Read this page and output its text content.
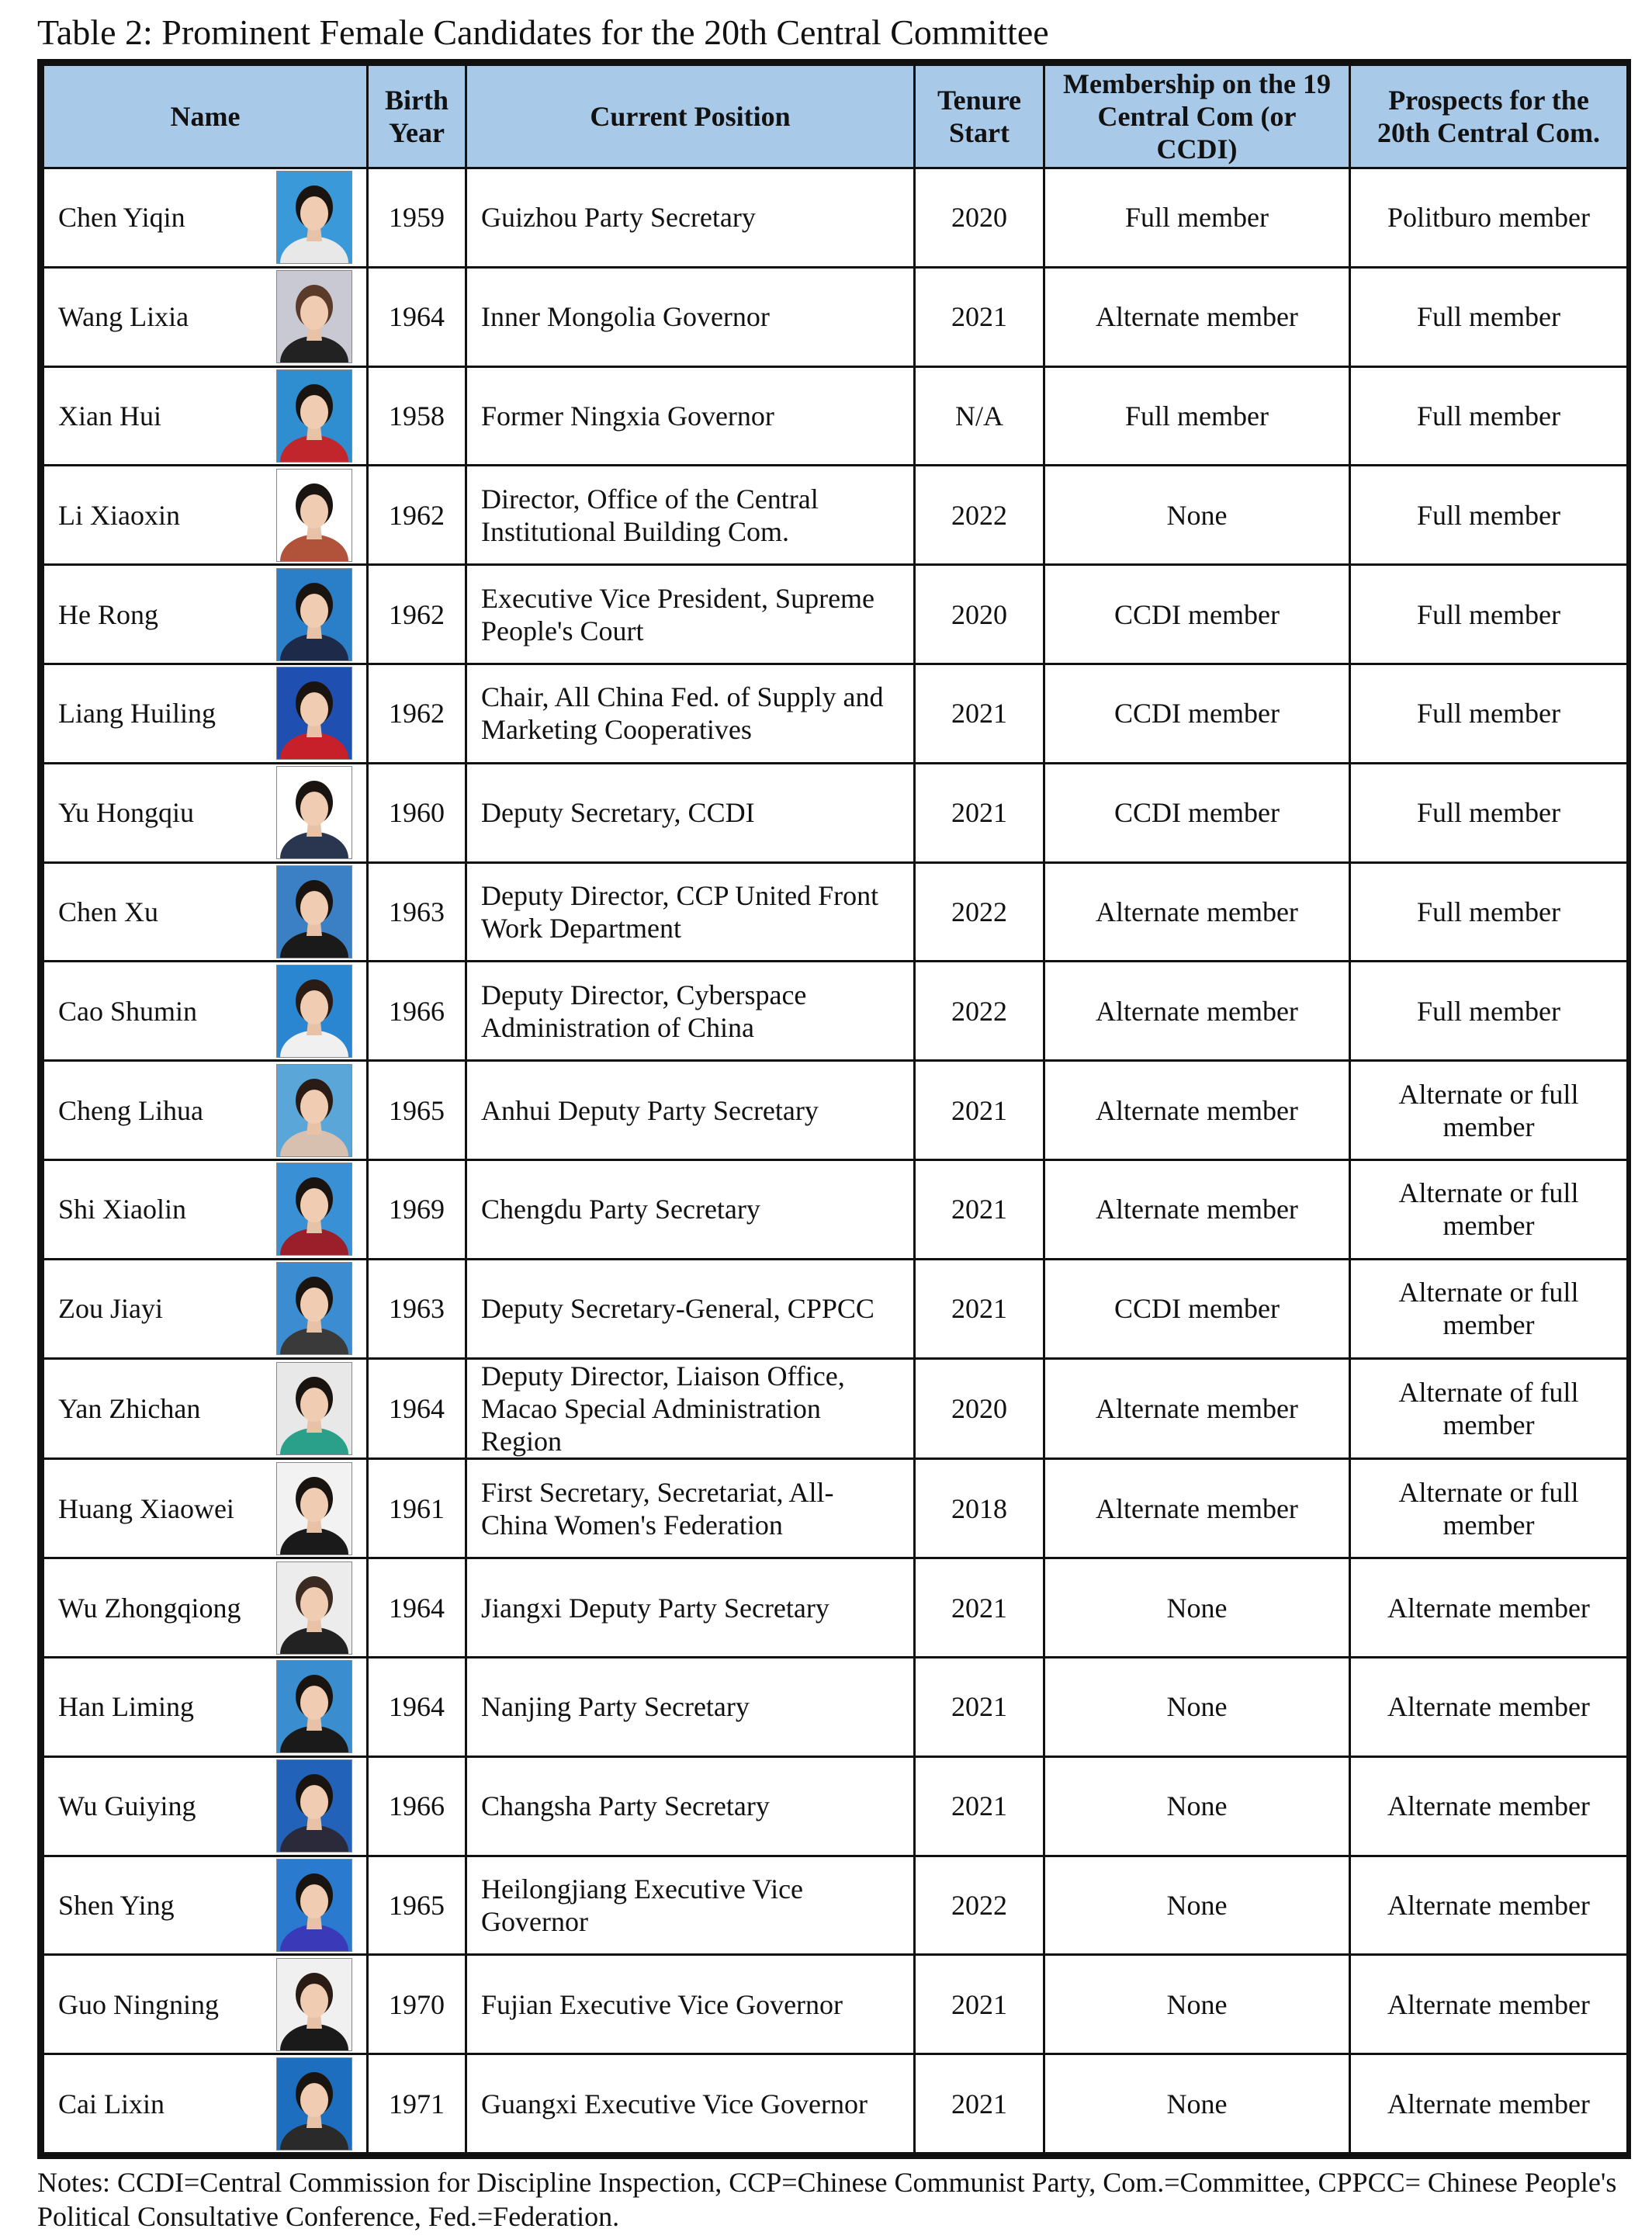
Table 2: Prominent Female Candidates for the 20th Central Committee
Name	Birth Year	Current Position	Tenure Start	Membership on the 19 Central Com (or CCDI)	Prospects for the 20th Central Com.

Chen Yiqin	1959	Guizhou Party Secretary	2020	Full member	Politburo member

Wang Lixia	1964	Inner Mongolia Governor	2021	Alternate member	Full member

Xian Hui	1958	Former Ningxia Governor	N/A	Full member	Full member

Li Xiaoxin	1962	Director, Office of the Central Institutional Building Com.	2022	None	Full member

He Rong	1962	Executive Vice President, Supreme People's Court	2020	CCDI member	Full member

Liang Huiling	1962	Chair, All China Fed. of Supply and Marketing Cooperatives	2021	CCDI member	Full member

Yu Hongqiu	1960	Deputy Secretary, CCDI	2021	CCDI member	Full member

Chen Xu	1963	Deputy Director, CCP United Front Work Department	2022	Alternate member	Full member

Cao Shumin	1966	Deputy Director, Cyberspace Administration of China	2022	Alternate member	Full member

Cheng Lihua	1965	Anhui Deputy Party Secretary	2021	Alternate member	Alternate or full member

Shi Xiaolin	1969	Chengdu Party Secretary	2021	Alternate member	Alternate or full member

Zou Jiayi	1963	Deputy Secretary-General, CPPCC	2021	CCDI member	Alternate or full member

Yan Zhichan	1964	Deputy Director, Liaison Office, Macao Special Administration Region	2020	Alternate member	Alternate of full member

Huang Xiaowei	1961	First Secretary, Secretariat, All-China Women's Federation	2018	Alternate member	Alternate or full member

Wu Zhongqiong	1964	Jiangxi Deputy Party Secretary	2021	None	Alternate member

Han Liming	1964	Nanjing Party Secretary	2021	None	Alternate member

Wu Guiying	1966	Changsha Party Secretary	2021	None	Alternate member

Shen Ying	1965	Heilongjiang Executive Vice Governor	2022	None	Alternate member

Guo Ningning	1970	Fujian Executive Vice Governor	2021	None	Alternate member

Cai Lixin	1971	Guangxi Executive Vice Governor	2021	None	Alternate member
Notes: CCDI=Central Commission for Discipline Inspection, CCP=Chinese Communist Party, Com.=Committee, CPPCC= Chinese People's Political Consultative Conference, Fed.=Federation.
